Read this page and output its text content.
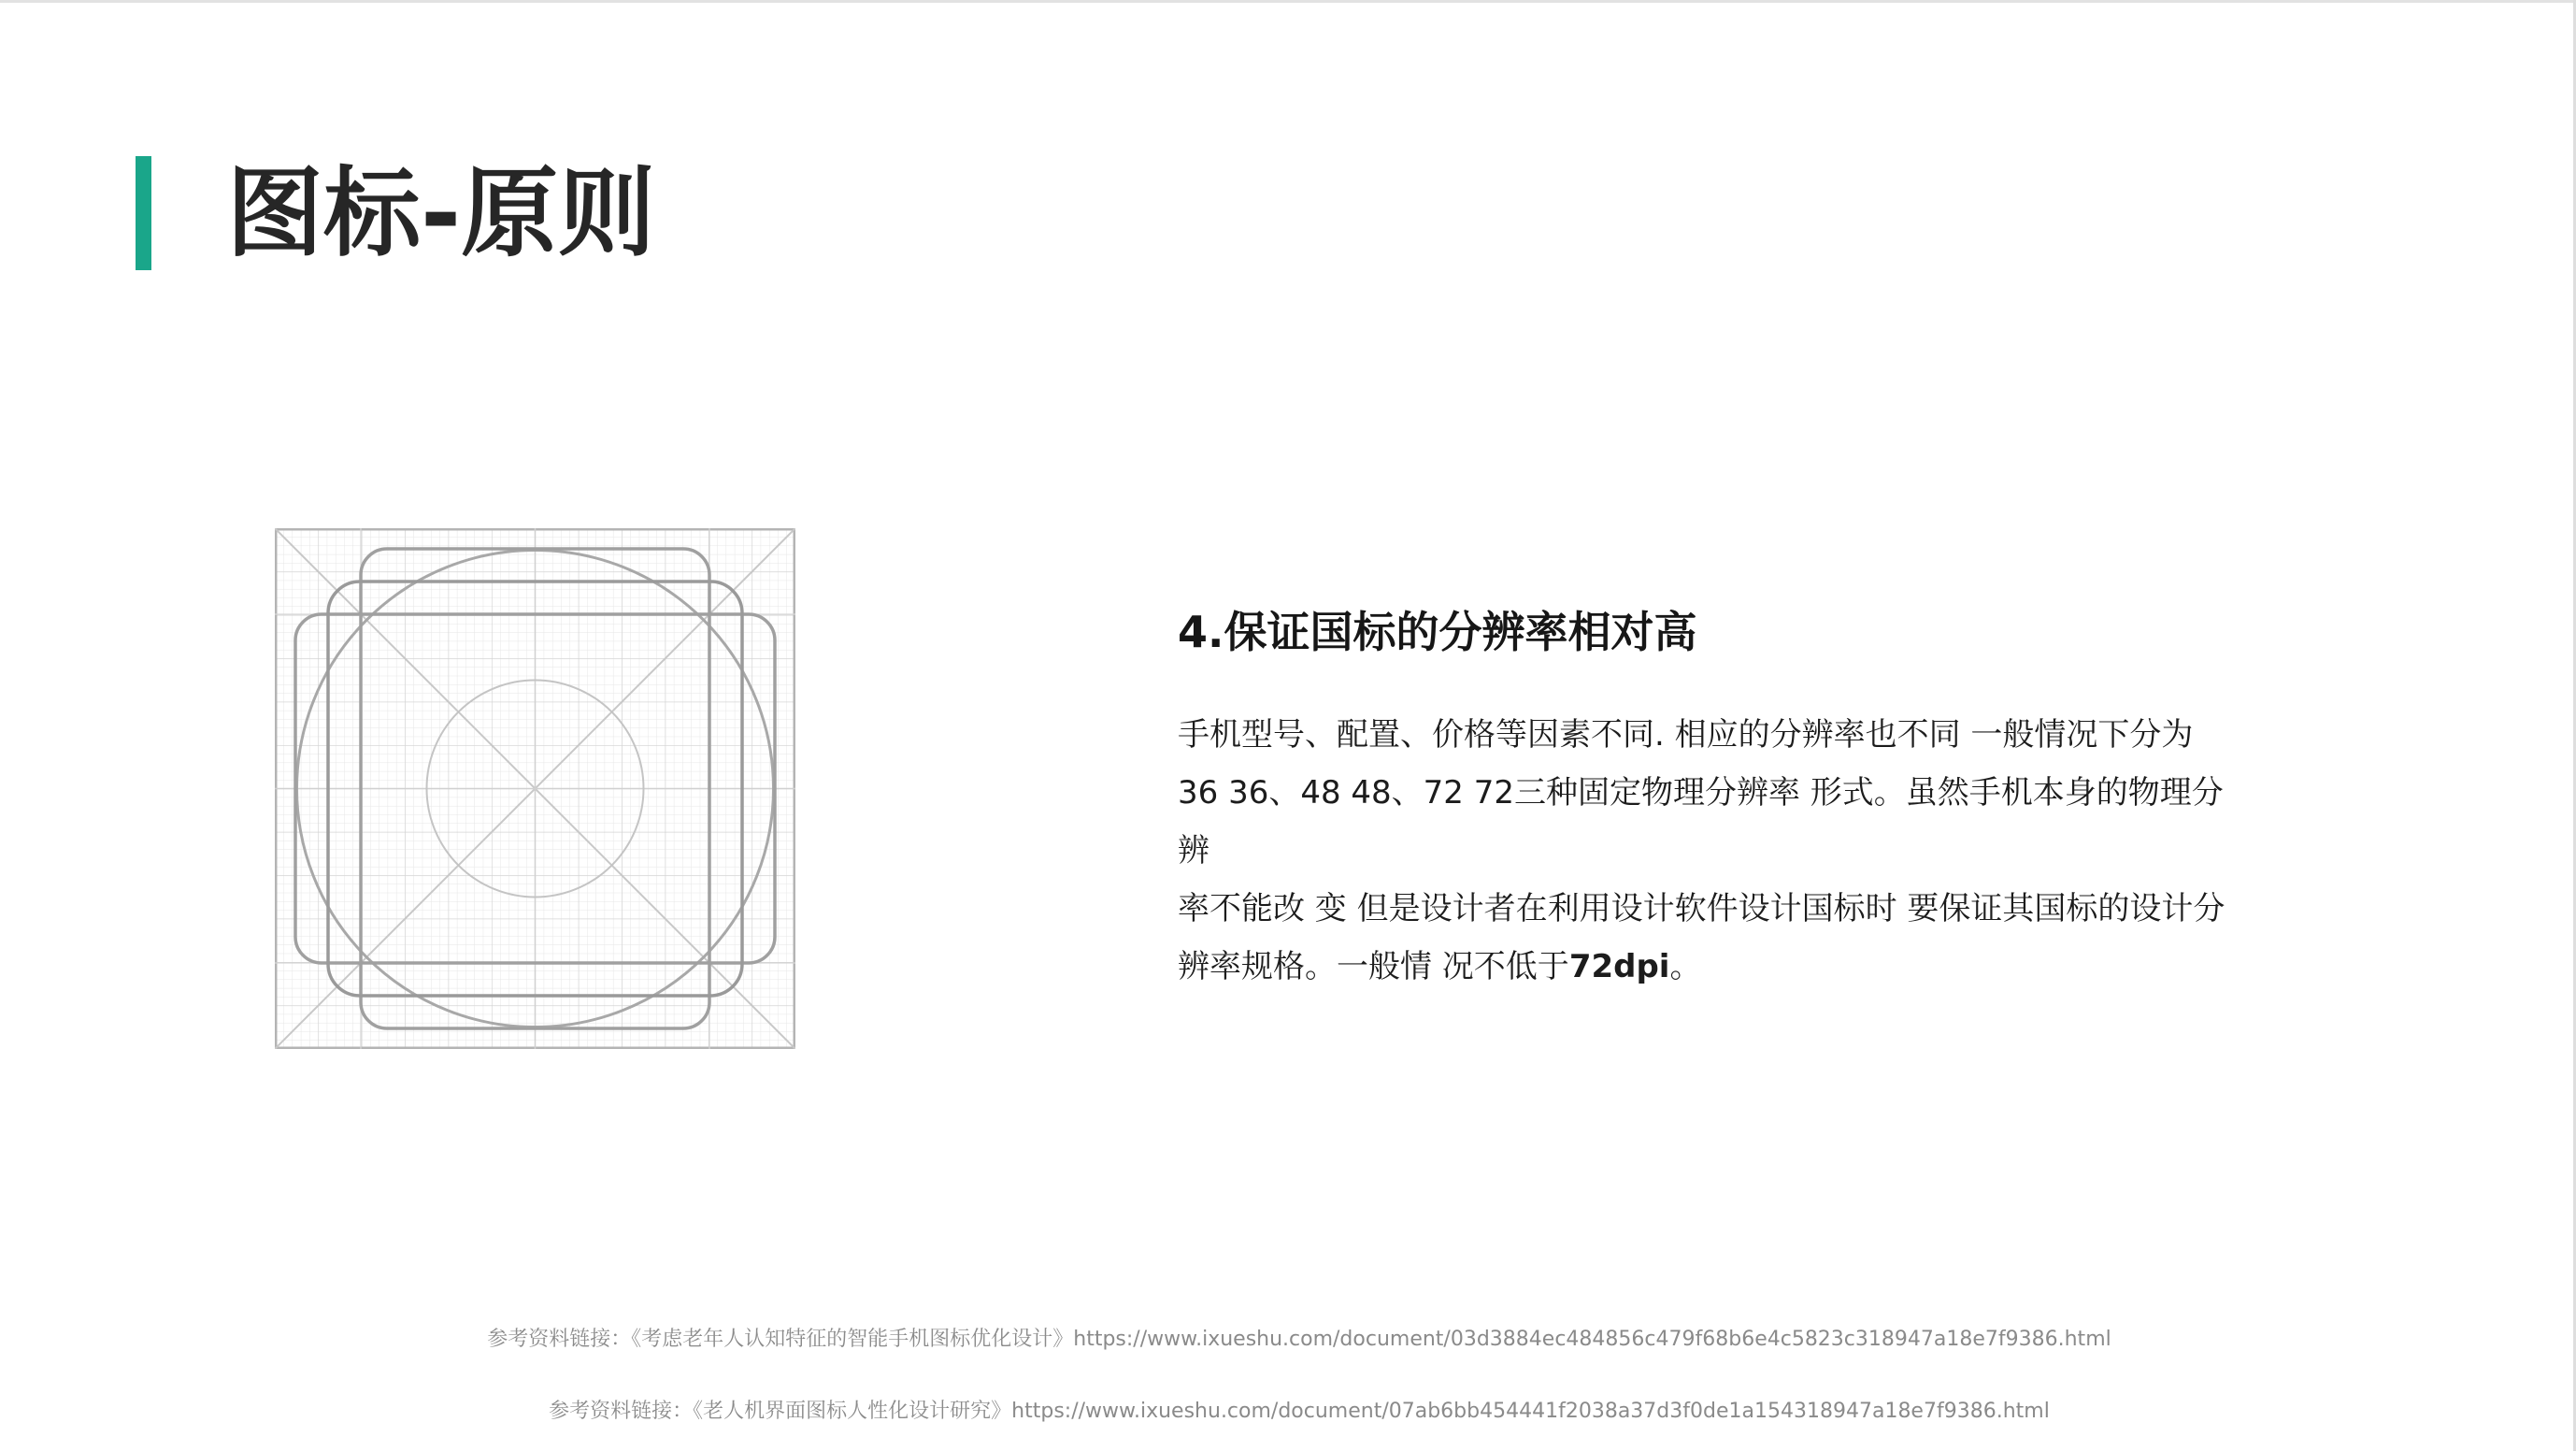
图标-原则
4.保证国标的分辨率相对高

手机型号、配置、价格等因素不同. 相应的分辨率也不同 一般情况下分为
36 36、48 48、72 72三种固定物理分辨率 形式。虽然手机本身的物理分辨
率不能改 变 但是设计者在利用设计软件设计国标时 要保证其国标的设计分
辨率规格。一般情 况不低于72dpi。

参考资料链接：《考虑老年人认知特征的智能手机图标优化设计》https://www.ixueshu.com/document/03d3884ec484856c479f68b6e4c5823c318947a18e7f9386.html
参考资料链接：《老人机界面图标人性化设计研究》https://www.ixueshu.com/document/07ab6bb454441f2038a37d3f0de1a154318947a18e7f9386.html
